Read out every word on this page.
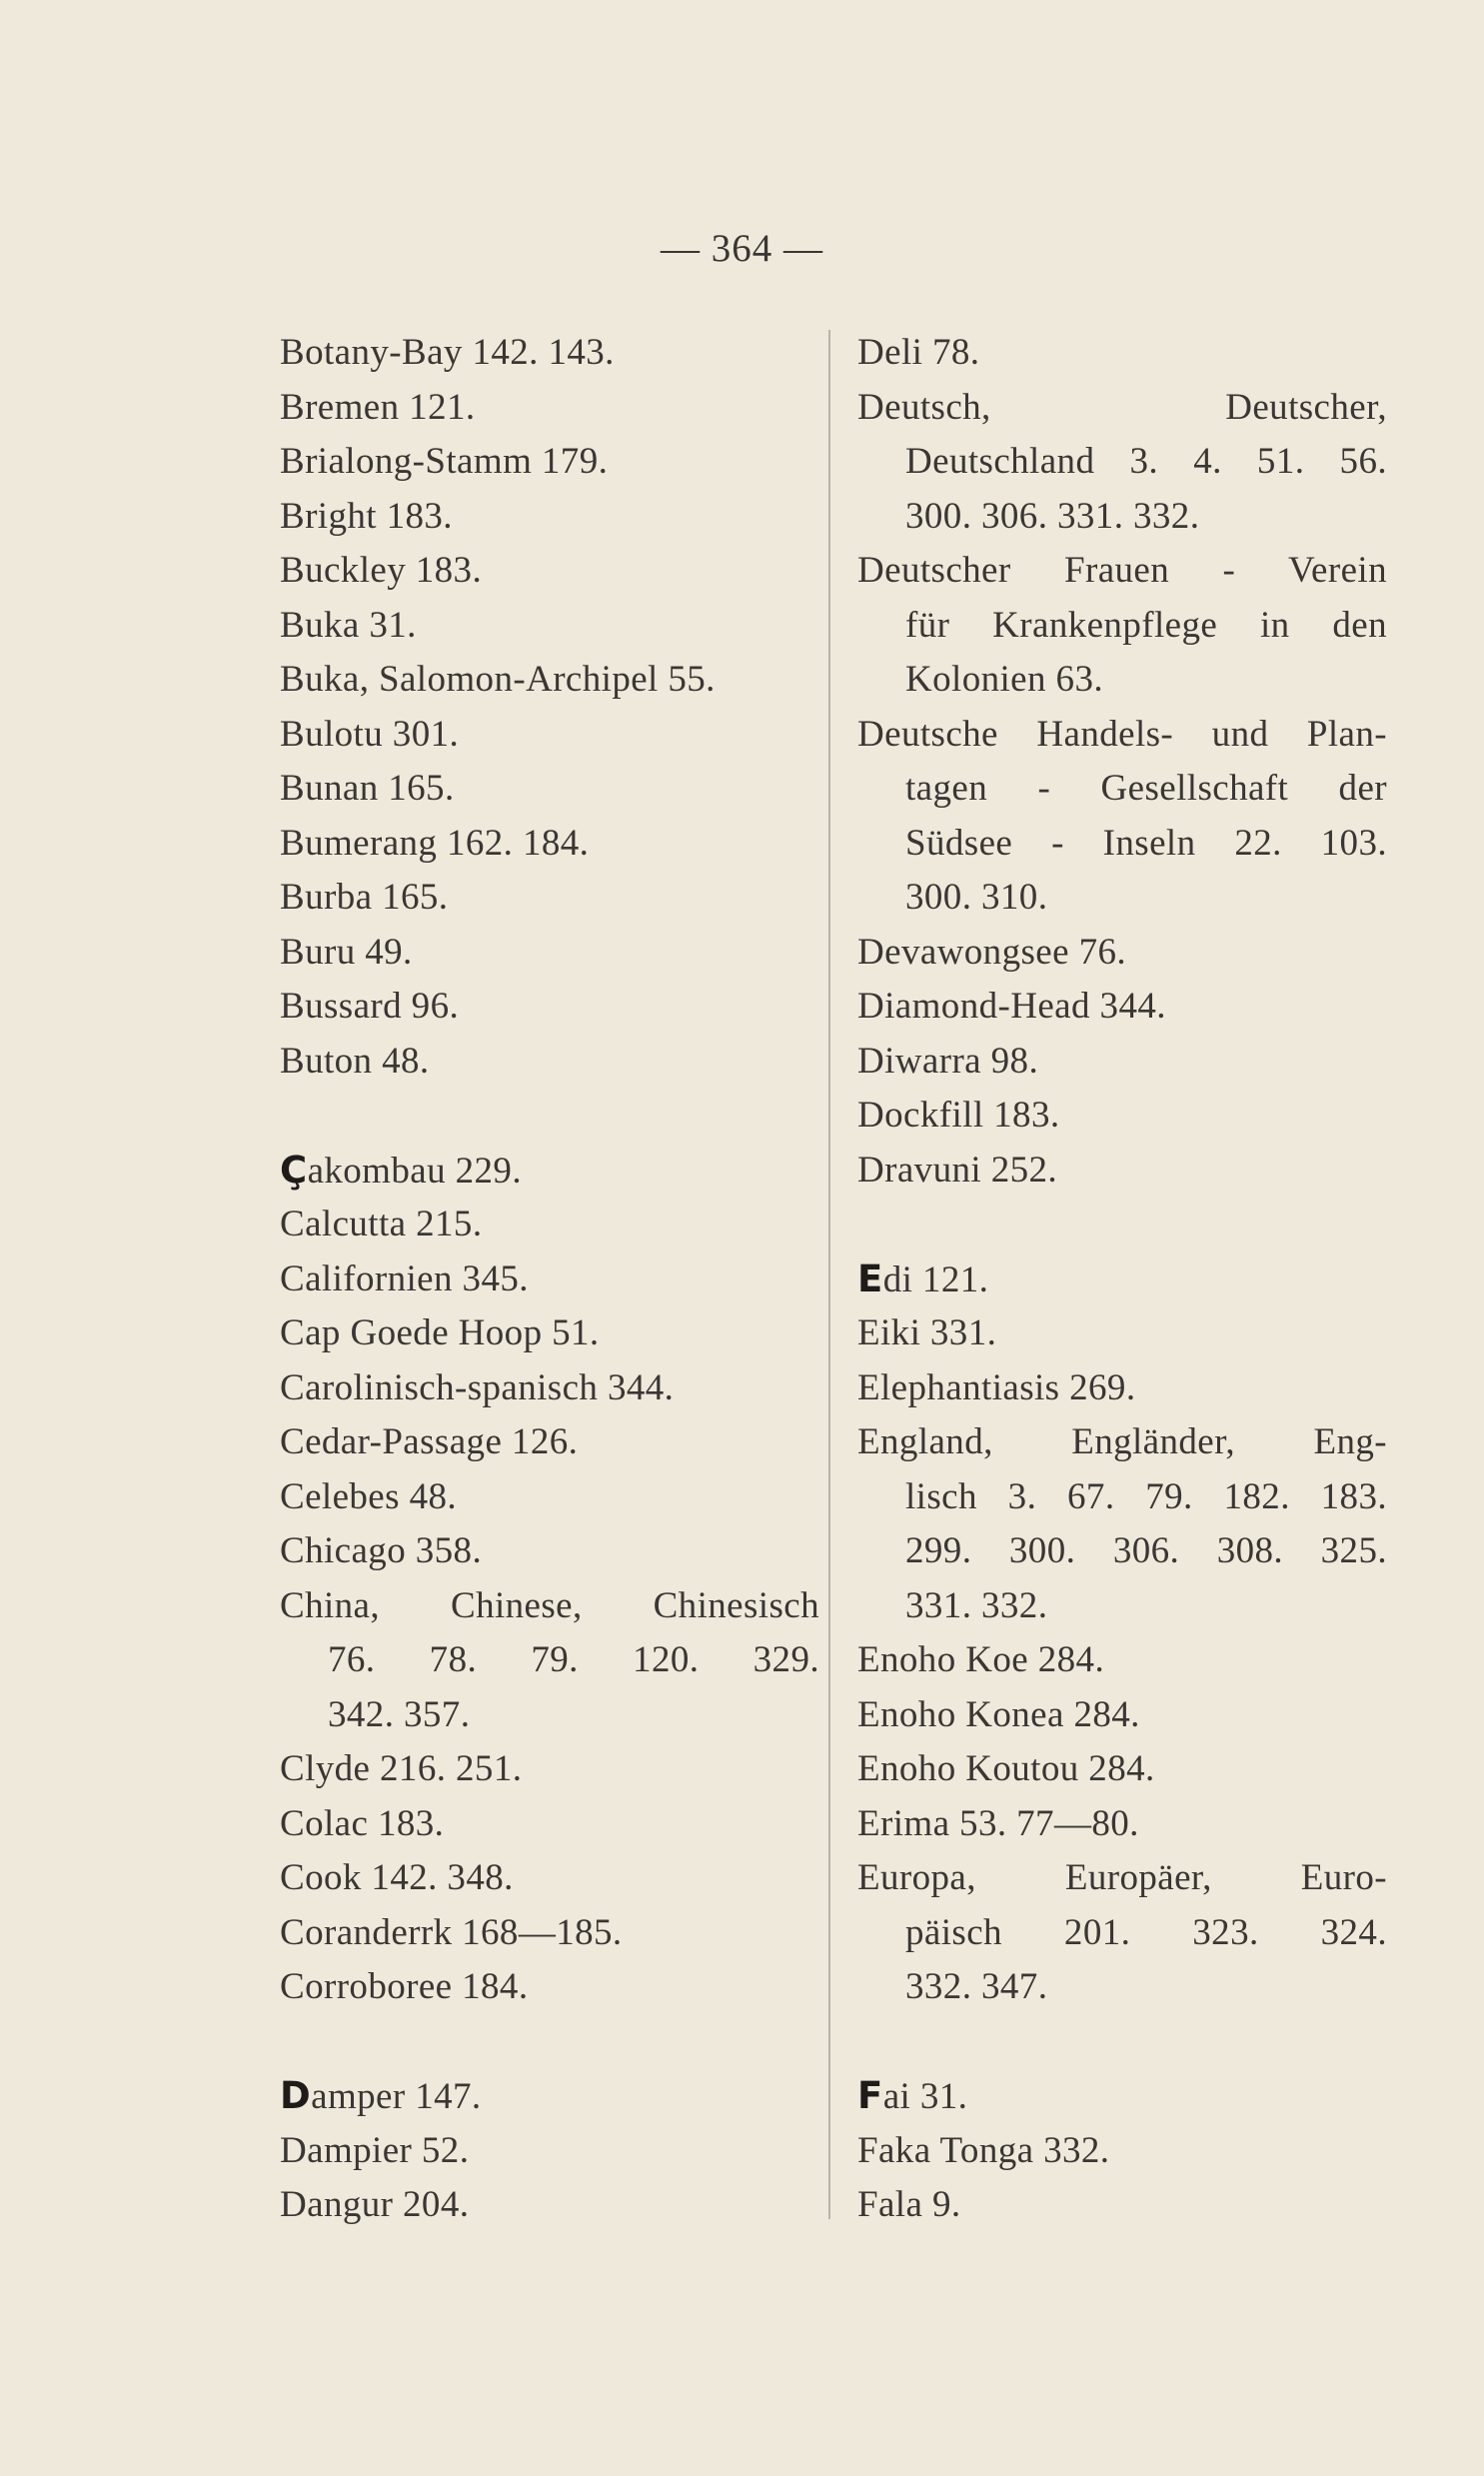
— 364 —
Botany-Bay 142. 143.
Bremen 121.
Brialong-Stamm 179.
Bright 183.
Buckley 183.
Buka 31.
Buka, Salomon-Archipel 55.
Bulotu 301.
Bunan 165.
Bumerang 162. 184.
Burba 165.
Buru 49.
Bussard 96.
Buton 48.
Çakombau 229.
Calcutta 215.
Californien 345.
Cap Goede Hoop 51.
Carolinisch-spanisch 344.
Cedar-Passage 126.
Celebes 48.
Chicago 358.
China, Chinese, Chinesisch
76. 78. 79. 120. 329.
342. 357.
Clyde 216. 251.
Colac 183.
Cook 142. 348.
Coranderrk 168—185.
Corroboree 184.
Damper 147.
Dampier 52.
Dangur 204.
Deli 78.
Deutsch, Deutscher,
Deutschland 3. 4. 51. 56.
300. 306. 331. 332.
Deutscher Frauen - Verein
für Krankenpflege in den
Kolonien 63.
Deutsche Handels- und Plan-
tagen - Gesellschaft der
Südsee - Inseln 22. 103.
300. 310.
Devawongsee 76.
Diamond-Head 344.
Diwarra 98.
Dockfill 183.
Dravuni 252.
Edi 121.
Eiki 331.
Elephantiasis 269.
England, Engländer, Eng-
lisch 3. 67. 79. 182. 183.
299. 300. 306. 308. 325.
331. 332.
Enoho Koe 284.
Enoho Konea 284.
Enoho Koutou 284.
Erima 53. 77—80.
Europa, Europäer, Euro-
päisch 201. 323. 324.
332. 347.
Fai 31.
Faka Tonga 332.
Fala 9.
